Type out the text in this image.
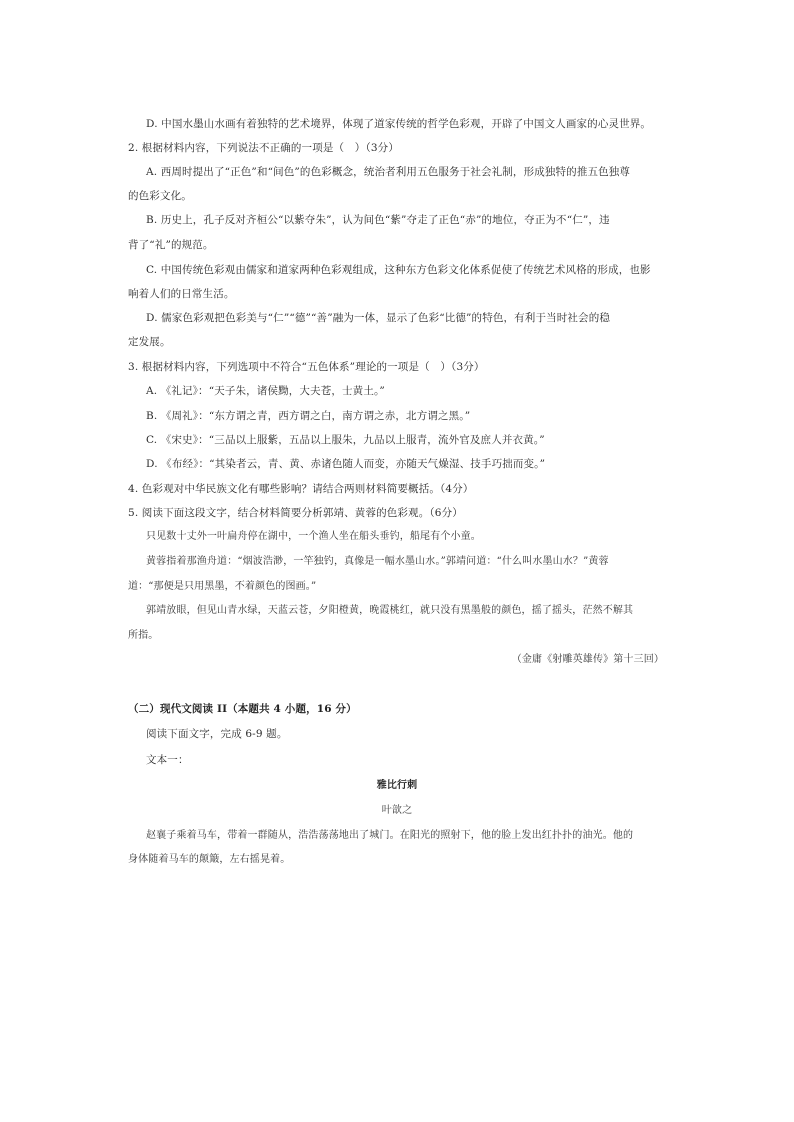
D. 中国水墨山水画有着独特的艺术境界，体现了道家传统的哲学色彩观，开辟了中国文人画家的心灵世界。
2. 根据材料内容，下列说法不正确的一项是（　）（3分）
A. 西周时提出了“正色”和“间色”的色彩概念，统治者利用五色服务于社会礼制，形成独特的推五色独尊
的色彩文化。
B. 历史上，孔子反对齐桓公“以紫夺朱”，认为间色“紫”夺走了正色“赤”的地位，夺正为不“仁”，违
背了“礼”的规范。
C. 中国传统色彩观由儒家和道家两种色彩观组成，这种东方色彩文化体系促使了传统艺术风格的形成，也影
响着人们的日常生活。
D. 儒家色彩观把色彩美与“仁”“德”“善”融为一体，显示了色彩“比德”的特色，有利于当时社会的稳
定发展。
3. 根据材料内容，下列选项中不符合“五色体系”理论的一项是（　）（3分）
A. 《礼记》：“天子朱，诸侯黝，大夫苍，士黄土。”
B. 《周礼》：“东方谓之青，西方谓之白，南方谓之赤，北方谓之黑。”
C. 《宋史》：“三品以上服紫，五品以上服朱，九品以上服青，流外官及庶人并衣黄。”
D. 《布经》：“其染者云，青、黄、赤诸色随人而变，亦随天气燥湿、技手巧拙而变。”
4. 色彩观对中华民族文化有哪些影响？请结合两则材料简要概括。（4分）
5. 阅读下面这段文字，结合材料简要分析郭靖、黄蓉的色彩观。（6分）
只见数十丈外一叶扁舟停在湖中，一个渔人坐在船头垂钓，船尾有个小童。
黄蓉指着那渔舟道：“烟波浩渺，一竿独钓，真像是一幅水墨山水。”郭靖问道：“什么叫水墨山水？”黄蓉
道：“那便是只用黑墨，不着颜色的图画。”
郭靖放眼，但见山青水绿，天蓝云苍，夕阳橙黄，晚霞桃红，就只没有黑墨般的颜色，摇了摇头，茫然不解其
所指。
（金庸《射雕英雄传》第十三回）
（二）现代文阅读 II（本题共 4 小题，16 分）
阅读下面文字，完成 6-9 题。
文本一：
雅比行刺
叶歆之
赵襄子乘着马车，带着一群随从，浩浩荡荡地出了城门。在阳光的照射下，他的脸上发出红扑扑的油光。他的
身体随着马车的颠簸，左右摇晃着。
